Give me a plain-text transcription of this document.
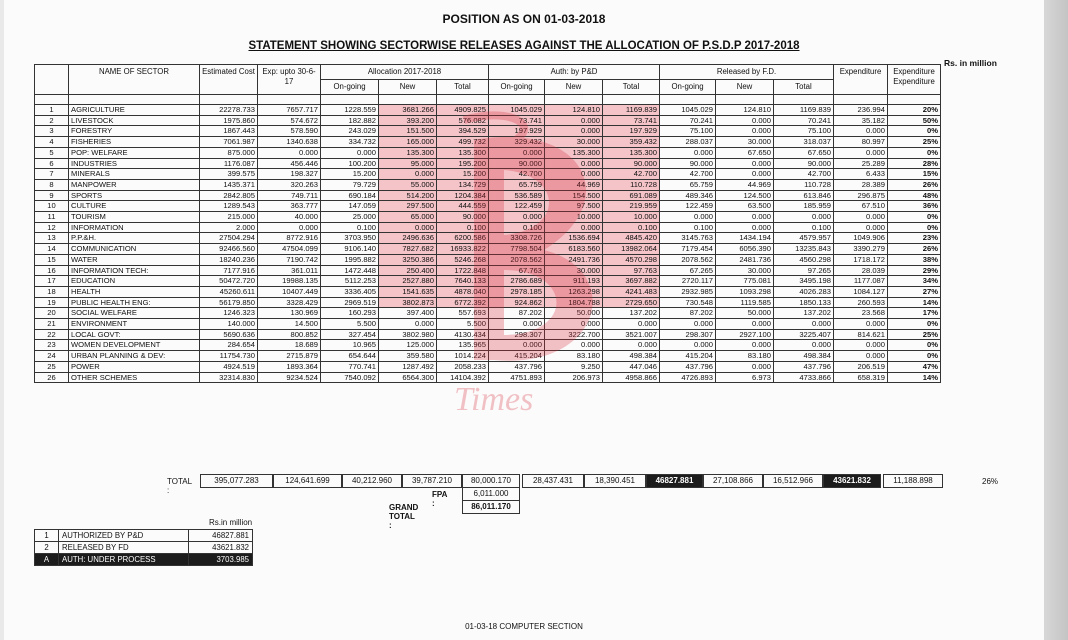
POSITION AS ON 01-03-2018
STATEMENT SHOWING SECTORWISE RELEASES AGAINST THE ALLOCATION OF P.S.D.P 2017-2018
Rs. in million
	NAME OF SECTOR	Estimated Cost	Exp: upto 30-6-17	Allocation 2017-2018			Auth: by P&D			Released by F.D.			Expenditure	Expenditure Expenditure
				On-going	New	Total	On-going	New	Total	On-going	New	Total		

1	AGRICULTURE	22278.733	7657.717	1228.559	3681.266	4909.825	1045.029	124.810	1169.839	1045.029	124.810	1169.839	236.994	20%
2	LIVESTOCK	1975.860	574.672	182.882	393.200	576.082	73.741	0.000	73.741	70.241	0.000	70.241	35.182	50%
3	FORESTRY	1867.443	578.590	243.029	151.500	394.529	197.929	0.000	197.929	75.100	0.000	75.100	0.000	0%
4	FISHERIES	7061.987	1340.638	334.732	165.000	499.732	329.432	30.000	359.432	288.037	30.000	318.037	80.997	25%
5	POP: WELFARE	875.000	0.000	0.000	135.300	135.300	0.000	135.300	135.300	0.000	67.650	67.650	0.000	0%
6	INDUSTRIES	1176.087	456.446	100.200	95.000	195.200	90.000	0.000	90.000	90.000	0.000	90.000	25.289	28%
7	MINERALS	399.575	198.327	15.200	0.000	15.200	42.700	0.000	42.700	42.700	0.000	42.700	6.433	15%
8	MANPOWER	1435.371	320.263	79.729	55.000	134.729	65.759	44.969	110.728	65.759	44.969	110.728	28.389	26%
9	SPORTS	2842.805	749.711	690.184	514.200	1204.384	536.589	154.500	691.089	489.346	124.500	613.846	296.875	48%
10	CULTURE	1289.543	363.777	147.059	297.500	444.559	122.459	97.500	219.959	122.459	63.500	185.959	67.510	36%
11	TOURISM	215.000	40.000	25.000	65.000	90.000	0.000	10.000	10.000	0.000	0.000	0.000	0.000	0%
12	INFORMATION	2.000	0.000	0.100	0.000	0.100	0.100	0.000	0.100	0.100	0.000	0.100	0.000	0%
13	P.P.&H.	27504.294	8772.916	3703.950	2496.636	6200.586	3308.726	1536.694	4845.420	3145.763	1434.194	4579.957	1049.906	23%
14	COMMUNICATION	92466.560	47504.099	9106.140	7827.682	16933.822	7798.504	6183.560	13982.064	7179.454	6056.390	13235.843	3390.279	26%
15	WATER	18240.236	7190.742	1995.882	3250.386	5246.268	2078.562	2491.736	4570.298	2078.562	2481.736	4560.298	1718.172	38%
16	INFORMATION TECH:	7177.916	361.011	1472.448	250.400	1722.848	67.763	30.000	97.763	67.265	30.000	97.265	28.039	29%
17	EDUCATION	50472.720	19988.135	5112.253	2527.880	7640.133	2786.689	911.193	3697.882	2720.117	775.081	3495.198	1177.087	34%
18	HEALTH	45260.611	10407.449	3336.405	1541.635	4878.040	2978.185	1263.298	4241.483	2932.985	1093.298	4026.283	1084.127	27%
19	PUBLIC HEALTH ENG:	56179.850	3328.429	2969.519	3802.873	6772.392	924.862	1804.788	2729.650	730.548	1119.585	1850.133	260.593	14%
20	SOCIAL WELFARE	1246.323	130.969	160.293	397.400	557.693	87.202	50.000	137.202	87.202	50.000	137.202	23.568	17%
21	ENVIRONMENT	140.000	14.500	5.500	0.000	5.500	0.000	0.000	0.000	0.000	0.000	0.000	0.000	0%
22	LOCAL GOVT:	5690.636	800.852	327.454	3802.980	4130.434	298.307	3222.700	3521.007	298.307	2927.100	3225.407	814.621	25%
23	WOMEN DEVELOPMENT	284.654	18.689	10.965	125.000	135.965	0.000	0.000	0.000	0.000	0.000	0.000	0.000	0%
24	URBAN PLANNING & DEV:	11754.730	2715.879	654.644	359.580	1014.224	415.204	83.180	498.384	415.204	83.180	498.384	0.000	0%
25	POWER	4924.519	1893.364	770.741	1287.492	2058.233	437.796	9.250	447.046	437.796	0.000	437.796	206.519	47%
26	OTHER SCHEMES	32314.830	9234.524	7540.092	6564.300	14104.392	4751.893	206.973	4958.866	4726.893	6.973	4733.866	658.319	14%
TOTAL :
395,077.283	124,641.699	40,212.960	39,787.210	80,000.170	28,437.431	18,390.451	46827.881	27,108.866	16,512.966	43621.832	11,188.898	26%
FPA :
6,011.000
GRAND TOTAL :
86,011.170
Rs.in million
1	AUTHORIZED BY P&D	46827.881
2	RELEASED BY FD	43621.832
A	AUTH: UNDER PROCESS	3703.985
01-03-18 COMPUTER SECTION
Times
